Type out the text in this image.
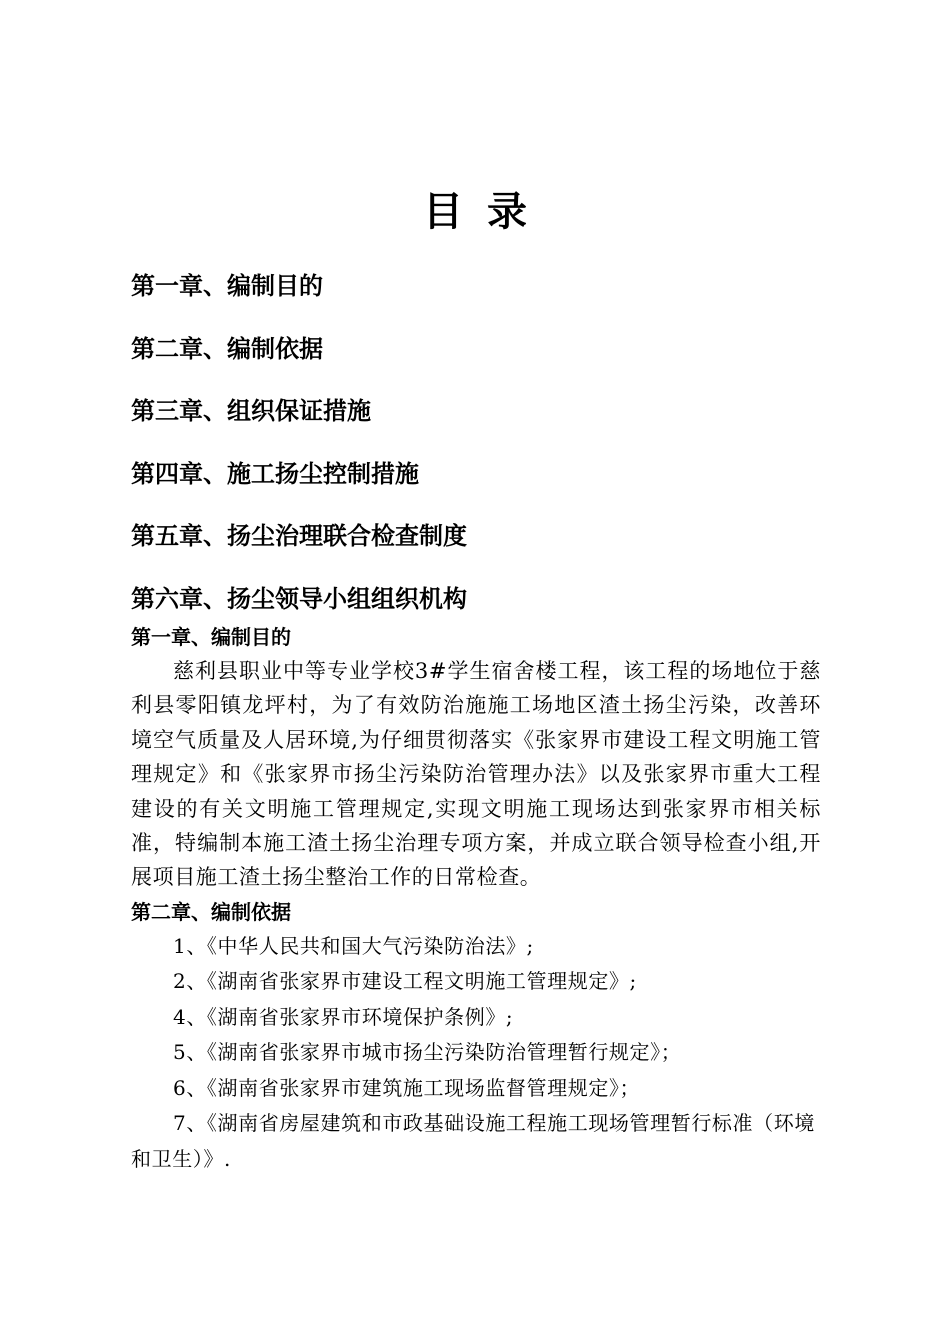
目录
第一章、编制目的
第二章、编制依据
第三章、组织保证措施
第四章、施工扬尘控制措施
第五章、扬尘治理联合检查制度
第六章、扬尘领导小组组织机构
第一章、编制目的

慈利县职业中等专业学校3#学生宿舍楼工程，该工程的场地位于慈利县零阳镇龙坪村，为了有效防治施施工场地区渣土扬尘污染，改善环境空气质量及人居环境,为仔细贯彻落实《张家界市建设工程文明施工管理规定》和《张家界市扬尘污染防治管理办法》以及张家界市重大工程建设的有关文明施工管理规定,实现文明施工现场达到张家界市相关标准，特编制本施工渣土扬尘治理专项方案，并成立联合领导检查小组,开展项目施工渣土扬尘整治工作的日常检查。

第二章、编制依据
1、《中华人民共和国大气污染防治法》;
2、《湖南省张家界市建设工程文明施工管理规定》;
4、《湖南省张家界市环境保护条例》;
5、《湖南省张家界市城市扬尘污染防治管理暂行规定》；
6、《湖南省张家界市建筑施工现场监督管理规定》；
7、《湖南省房屋建筑和市政基础设施工程施工现场管理暂行标准（环境和卫生）》.
